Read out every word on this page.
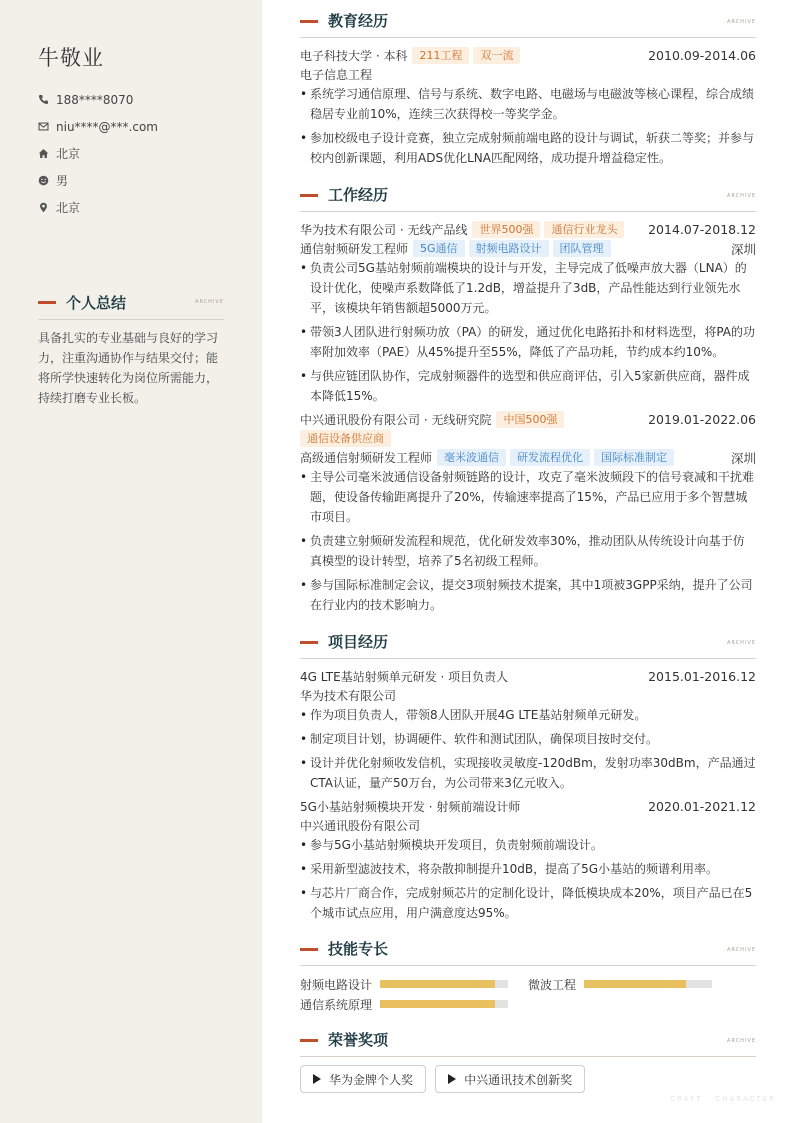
牛敬业
188****8070
niu****@***.com
北京
男
北京
个人总结	ARCHIVE
具备扎实的专业基础与良好的学习力，注重沟通协作与结果交付；能将所学快速转化为岗位所需能力，持续打磨专业长板。
教育经历	ARCHIVE
电子科技大学 · 本科	211工程	双一流	2010.09-2014.06
电子信息工程
• 系统学习通信原理、信号与系统、数字电路、电磁场与电磁波等核心课程，综合成绩稳居专业前10%，连续三次获得校一等奖学金。
• 参加校级电子设计竞赛，独立完成射频前端电路的设计与调试，斩获二等奖；并参与校内创新课题，利用ADS优化LNA匹配网络，成功提升增益稳定性。
工作经历	ARCHIVE
华为技术有限公司 · 无线产品线	世界500强	通信行业龙头	2014.07-2018.12
通信射频研发工程师	5G通信	射频电路设计	团队管理	深圳
• 负责公司5G基站射频前端模块的设计与开发，主导完成了低噪声放大器（LNA）的设计优化，使噪声系数降低了1.2dB，增益提升了3dB，产品性能达到行业领先水平，该模块年销售额超5000万元。
• 带领3人团队进行射频功放（PA）的研发，通过优化电路拓扑和材料选型，将PA的功率附加效率（PAE）从45%提升至55%，降低了产品功耗，节约成本约10%。
• 与供应链团队协作，完成射频器件的选型和供应商评估，引入5家新供应商，器件成本降低15%。
中兴通讯股份有限公司 · 无线研究院	中国500强	2019.01-2022.06
通信设备供应商
高级通信射频研发工程师	毫米波通信	研发流程优化	国际标准制定	深圳
• 主导公司毫米波通信设备射频链路的设计，攻克了毫米波频段下的信号衰减和干扰难题，使设备传输距离提升了20%，传输速率提高了15%，产品已应用于多个智慧城市项目。
• 负责建立射频研发流程和规范，优化研发效率30%，推动团队从传统设计向基于仿真模型的设计转型，培养了5名初级工程师。
• 参与国际标准制定会议，提交3项射频技术提案，其中1项被3GPP采纳，提升了公司在行业内的技术影响力。
项目经历	ARCHIVE
4G LTE基站射频单元研发 · 项目负责人	2015.01-2016.12
华为技术有限公司
• 作为项目负责人，带领8人团队开展4G LTE基站射频单元研发。
• 制定项目计划，协调硬件、软件和测试团队，确保项目按时交付。
• 设计并优化射频收发信机，实现接收灵敏度-120dBm，发射功率30dBm，产品通过CTA认证，量产50万台，为公司带来3亿元收入。
5G小基站射频模块开发 · 射频前端设计师	2020.01-2021.12
中兴通讯股份有限公司
• 参与5G小基站射频模块开发项目，负责射频前端设计。
• 采用新型滤波技术，将杂散抑制提升10dB，提高了5G小基站的频谱利用率。
• 与芯片厂商合作，完成射频芯片的定制化设计，降低模块成本20%，项目产品已在5个城市试点应用，用户满意度达95%。
技能专长	ARCHIVE
射频电路设计	微波工程
通信系统原理
荣誉奖项	ARCHIVE
华为金牌个人奖
	中兴通讯技术创新奖
CRAFT · CHARACTER
